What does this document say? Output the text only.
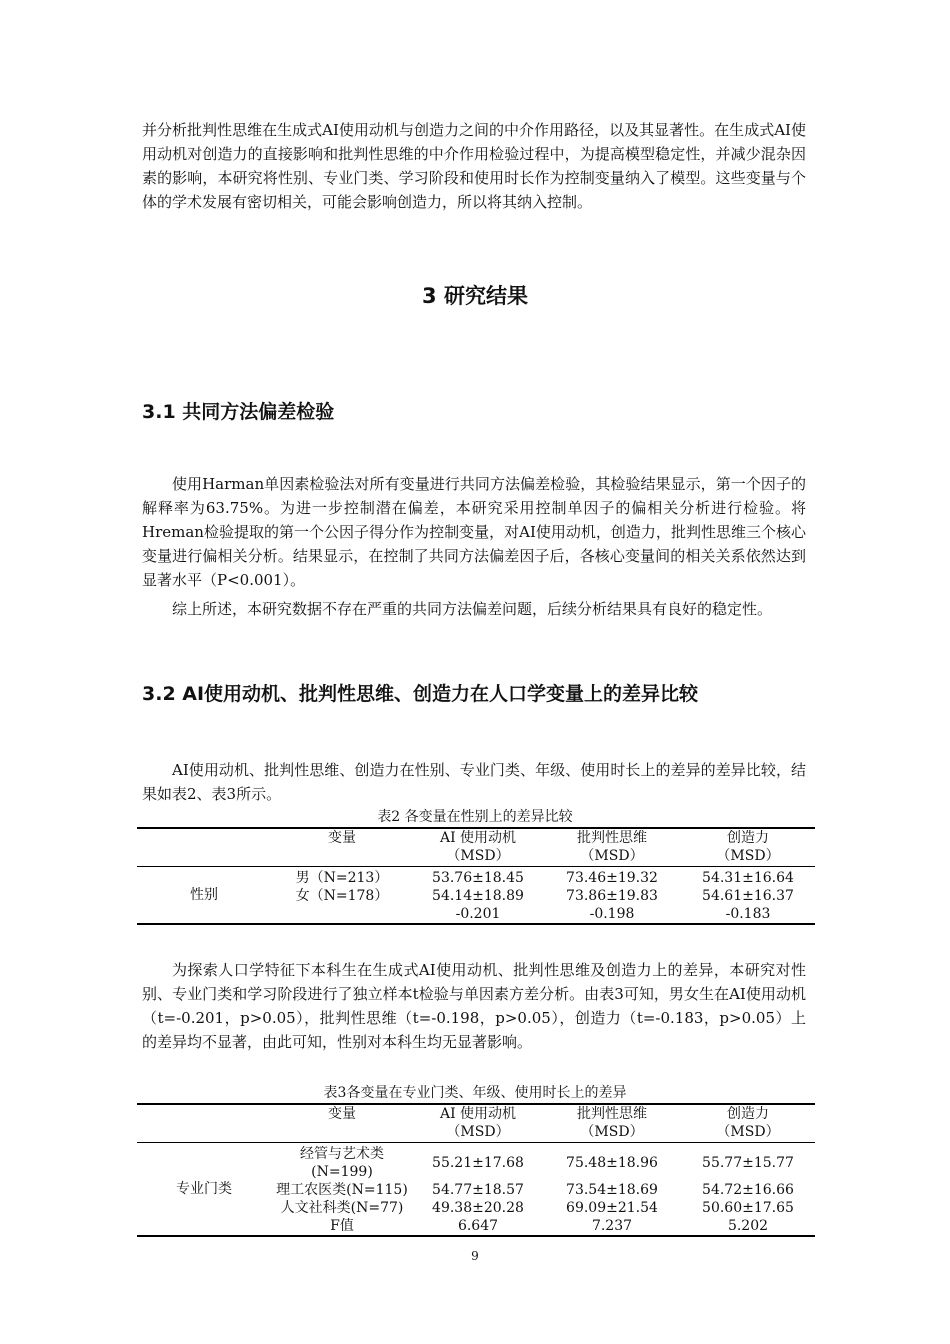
并分析批判性思维在生成式AI使用动机与创造力之间的中介作用路径，以及其显著性。在生成式AI使用动机对创造力的直接影响和批判性思维的中介作用检验过程中，为提高模型稳定性，并减少混杂因素的影响，本研究将性别、专业门类、学习阶段和使用时长作为控制变量纳入了模型。这些变量与个体的学术发展有密切相关，可能会影响创造力，所以将其纳入控制。

3 研究结果
3.1 共同方法偏差检验

使用Harman单因素检验法对所有变量进行共同方法偏差检验，其检验结果显示，第一个因子的解释率为63.75%。为进一步控制潜在偏差，本研究采用控制单因子的偏相关分析进行检验。将Hreman检验提取的第一个公因子得分作为控制变量，对AI使用动机，创造力，批判性思维三个核心变量进行偏相关分析。结果显示，在控制了共同方法偏差因子后，各核心变量间的相关关系依然达到显著水平（P<0.001）。

综上所述，本研究数据不存在严重的共同方法偏差问题，后续分析结果具有良好的稳定性。

3.2 AI使用动机、批判性思维、创造力在人口学变量上的差异比较

AI使用动机、批判性思维、创造力在性别、专业门类、年级、使用时长上的差异的差异比较，结果如表2、表3所示。

表2 各变量在性别上的差异比较

	变量	AI 使用动机	批判性思维	创造力
		（MSD）	（MSD）	（MSD）
性别	男（N=213）	53.76±18.45	73.46±19.32	54.31±16.64
	女（N=178）	54.14±18.89	73.86±19.83	54.61±16.37
		-0.201	-0.198	-0.183

为探索人口学特征下本科生在生成式AI使用动机、批判性思维及创造力上的差异，本研究对性别、专业门类和学习阶段进行了独立样本t检验与单因素方差分析。由表3可知，男女生在AI使用动机（t=-0.201，p>0.05），批判性思维（t=-0.198，p>0.05），创造力（t=-0.183，p>0.05）上的差异均不显著，由此可知，性别对本科生均无显著影响。

表3各变量在专业门类、年级、使用时长上的差异

	变量	AI 使用动机	批判性思维	创造力
		（MSD）	（MSD）	（MSD）
专业门类	经管与艺术类(N=199)	55.21±17.68	75.48±18.96	55.77±15.77
	理工农医类(N=115)	54.77±18.57	73.54±18.69	54.72±16.66
	人文社科类(N=77)	49.38±20.28	69.09±21.54	50.60±17.65
	F值	6.647	7.237	5.202

9
